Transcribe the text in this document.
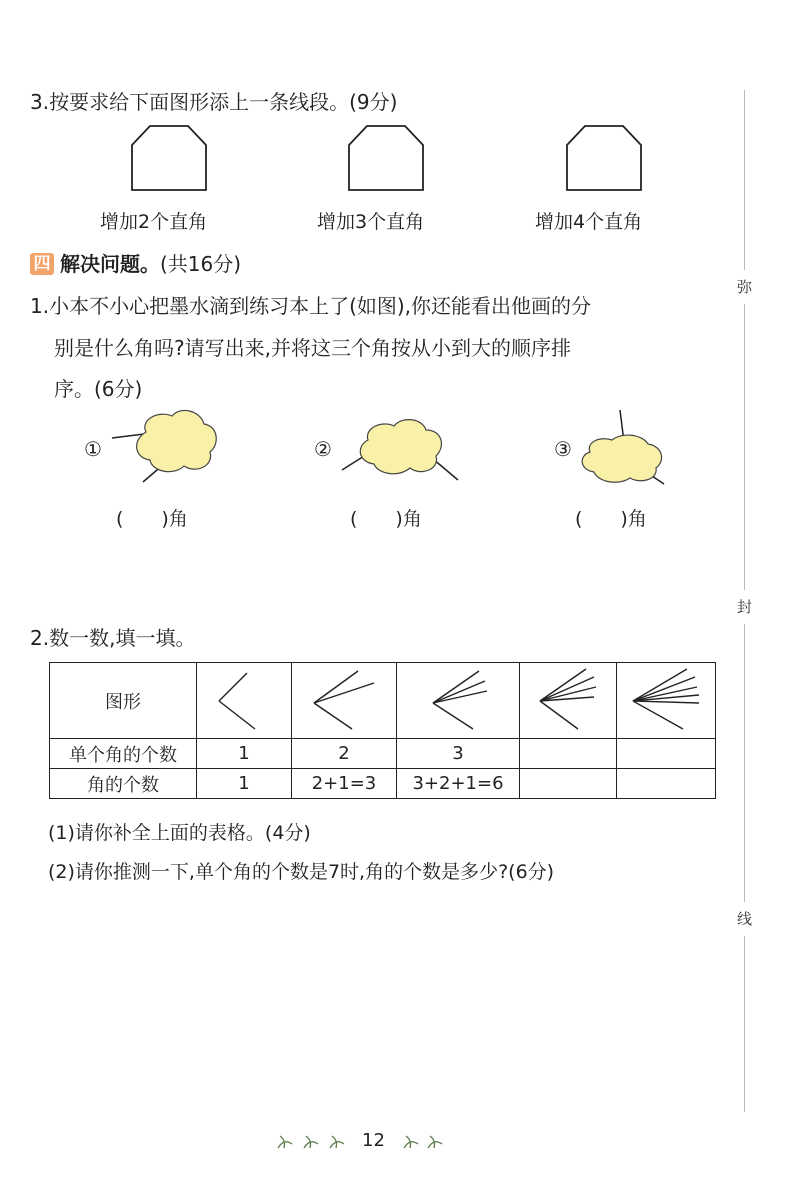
3.按要求给下面图形添上一条线段。(9分)
增加2个直角	增加3个直角	增加4个直角
四 解决问题。(共16分)
1.小本不小心把墨水滴到练习本上了(如图),你还能看出他画的分
别是什么角吗?请写出来,并将这三个角按从小到大的顺序排
序。(6分)
①	②	③
(　　)角	(　　)角	(　　)角
2.数一数,填一填。
图形					
单个角的个数	1	2	3		
角的个数	1	2+1=3	3+2+1=6		
(1)请你补全上面的表格。(4分)
(2)请你推测一下,单个角的个数是7时,角的个数是多少?(6分)
弥
封
线
12
